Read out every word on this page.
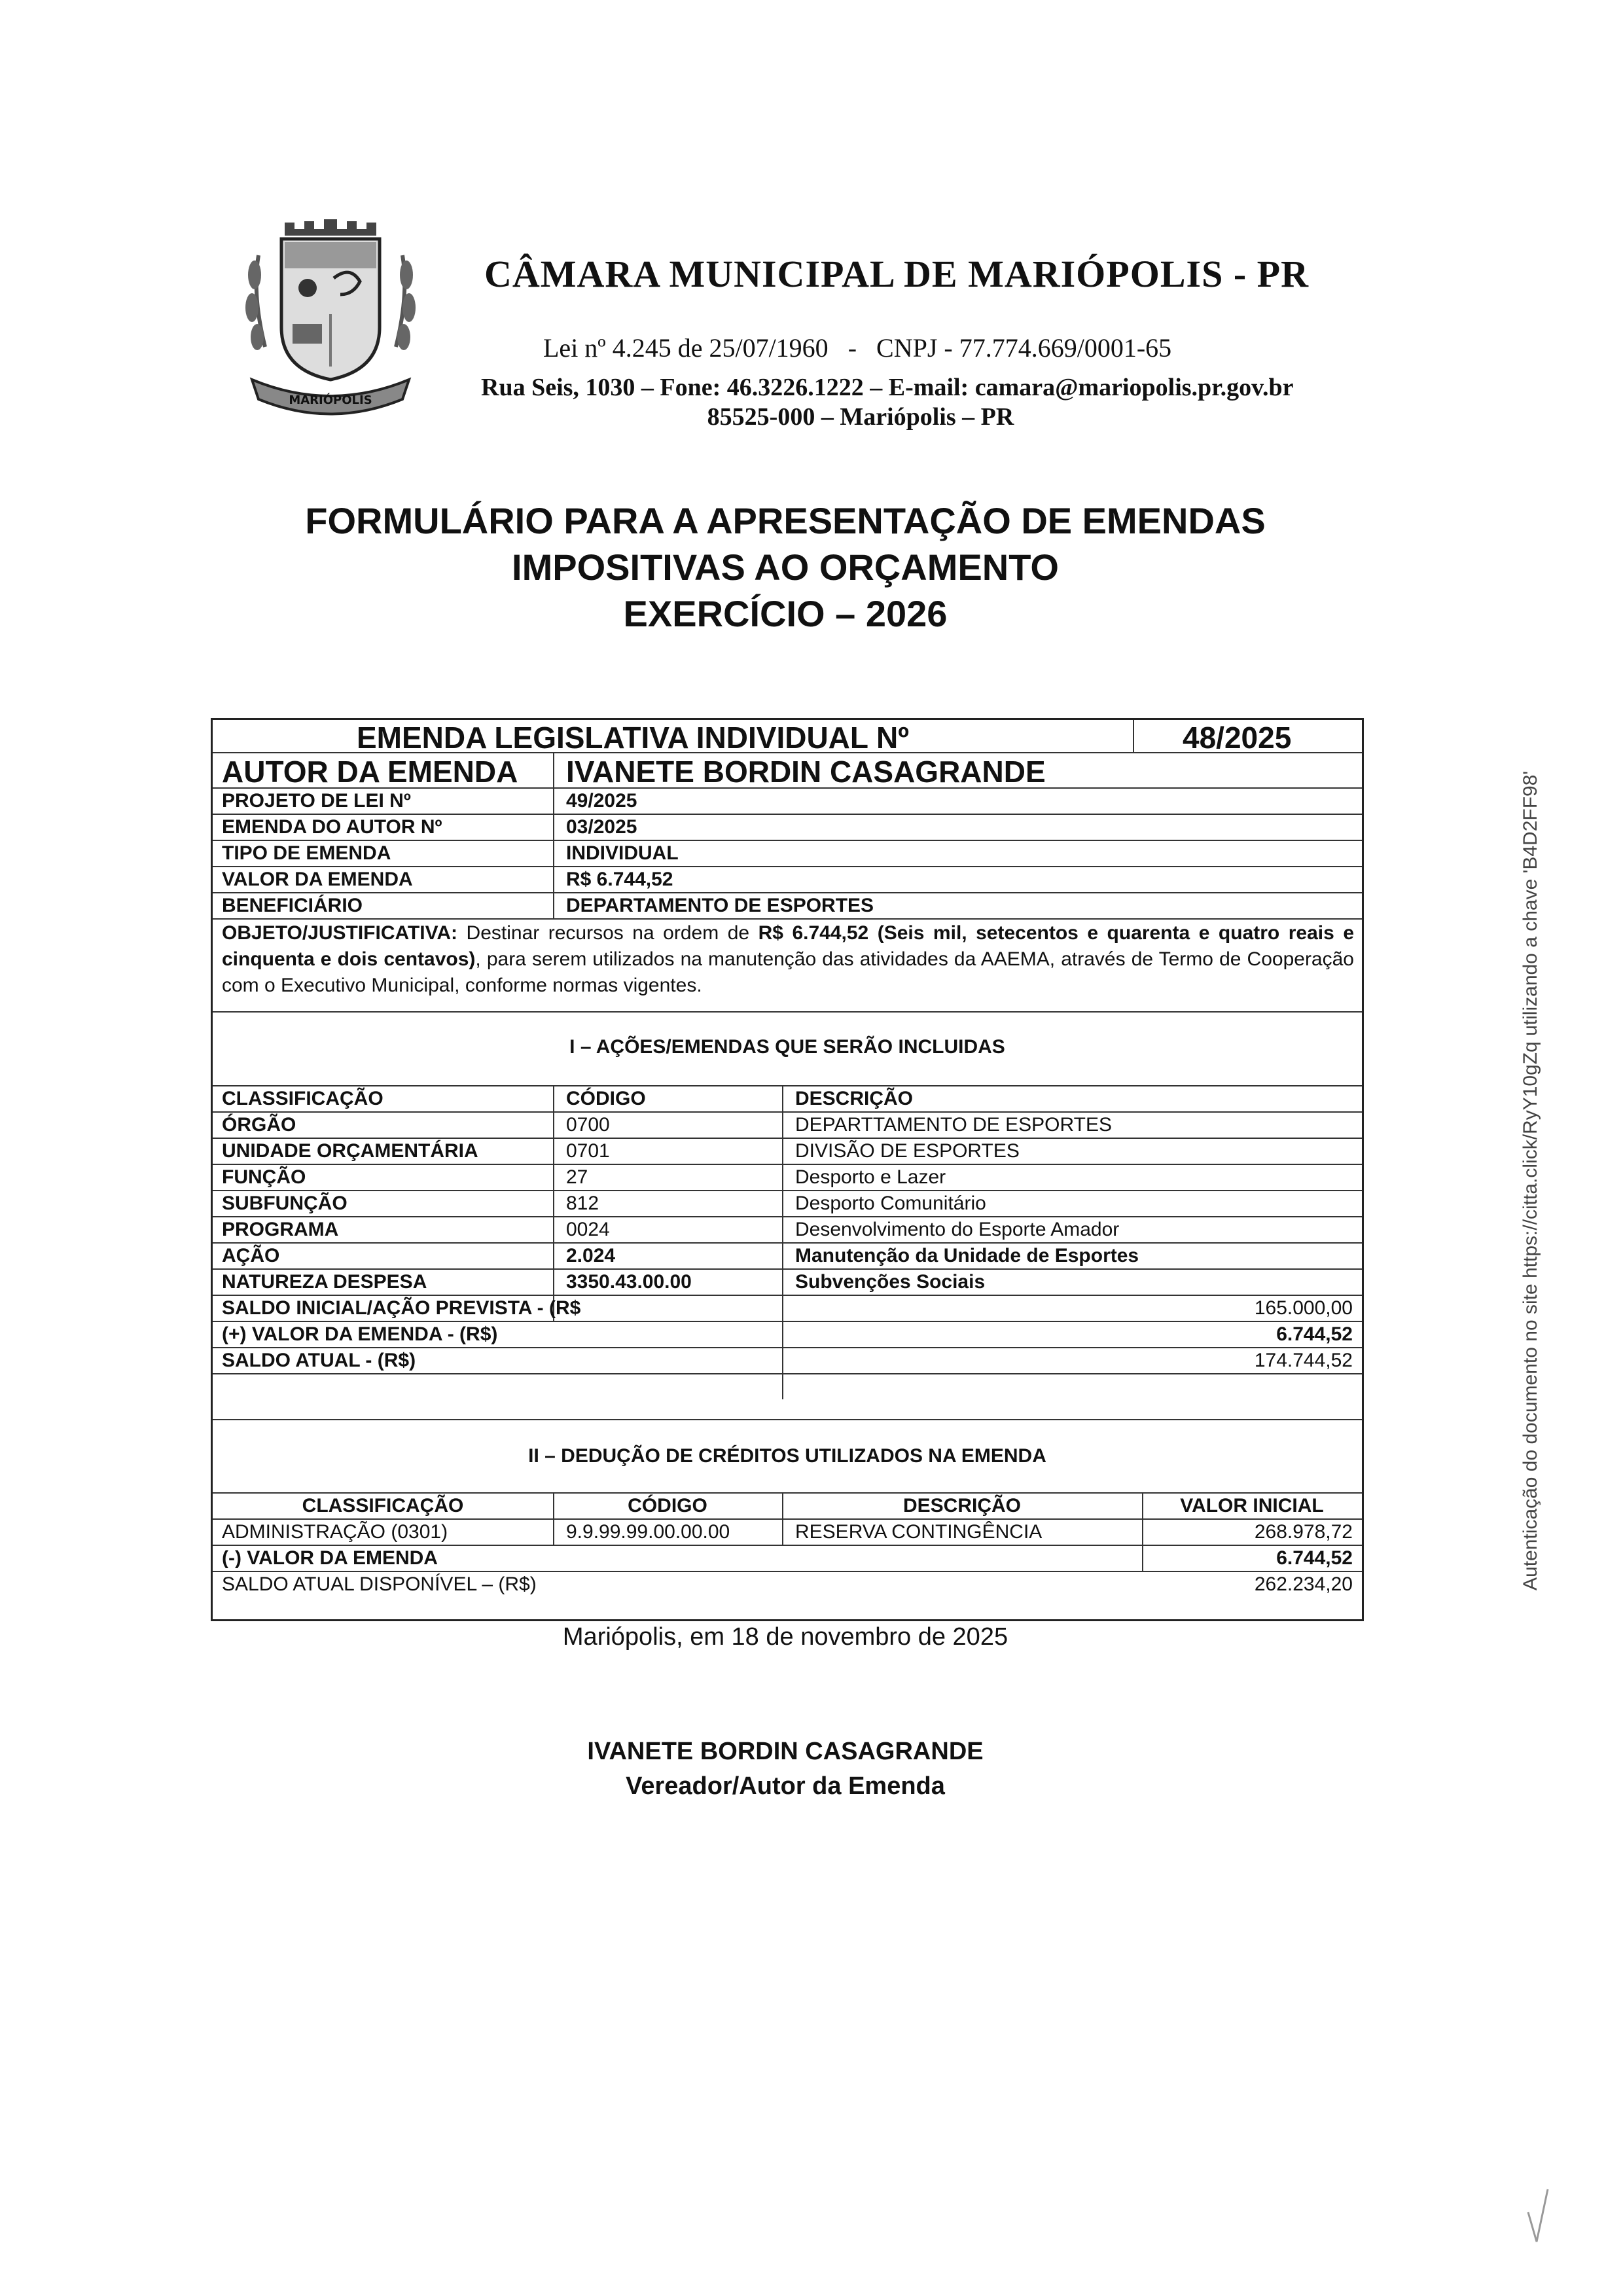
MARIÓPOLIS
CÂMARA MUNICIPAL DE MARIÓPOLIS - PR
Lei nº 4.245 de 25/07/1960 - CNPJ - 77.774.669/0001-65
Rua Seis, 1030 – Fone: 46.3226.1222 – E-mail: camara@mariopolis.pr.gov.br
85525-000 – Mariópolis – PR
FORMULÁRIO PARA A APRESENTAÇÃO DE EMENDAS
IMPOSITIVAS AO ORÇAMENTO
EXERCÍCIO – 2026
EMENDA LEGISLATIVA INDIVIDUAL Nº	48/2025
AUTOR DA EMENDA IVANETE BORDIN CASAGRANDE
PROJETO DE LEI Nº	49/2025
EMENDA DO AUTOR Nº	03/2025
TIPO DE EMENDA	INDIVIDUAL
VALOR DA EMENDA	R$ 6.744,52
BENEFICIÁRIO	DEPARTAMENTO DE ESPORTES
OBJETO/JUSTIFICATIVA: Destinar recursos na ordem de R$ 6.744,52 (Seis mil, setecentos e quarenta e quatro reais e cinquenta e dois centavos), para serem utilizados na manutenção das atividades da AAEMA, através de Termo de Cooperação com o Executivo Municipal, conforme normas vigentes.
I – AÇÕES/EMENDAS QUE SERÃO INCLUIDAS
CLASSIFICAÇÃO	CÓDIGO	DESCRIÇÃO
ÓRGÃO	0700	DEPARTTAMENTO DE ESPORTES
UNIDADE ORÇAMENTÁRIA	0701	DIVISÃO DE ESPORTES
FUNÇÃO	27	Desporto e Lazer
SUBFUNÇÃO	812	Desporto Comunitário
PROGRAMA	0024	Desenvolvimento do Esporte Amador
AÇÃO	2.024	Manutenção da Unidade de Esportes
NATUREZA DESPESA	3350.43.00.00	Subvenções Sociais
SALDO INICIAL/AÇÃO PREVISTA - (R$	165.000,00
(+) VALOR DA EMENDA - (R$)	6.744,52
SALDO ATUAL - (R$)	174.744,52
II – DEDUÇÃO DE CRÉDITOS UTILIZADOS NA EMENDA
CLASSIFICAÇÃO	CÓDIGO	DESCRIÇÃO	VALOR INICIAL
ADMINISTRAÇÃO (0301)	9.9.99.99.00.00.00	RESERVA CONTINGÊNCIA	268.978,72
(-) VALOR DA EMENDA	6.744,52
SALDO ATUAL DISPONÍVEL – (R$)	262.234,20	Autenticação do documento no site https://citta.click/RyY10gZq utilizando a chave 'B4D2FF98'
Mariópolis, em 18 de novembro de 2025
IVANETE BORDIN CASAGRANDE
Vereador/Autor da Emenda
